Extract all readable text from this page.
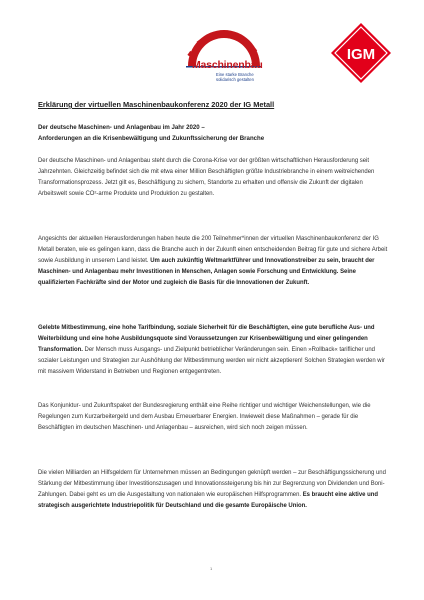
Maschinenbau
Eine starke Branche
solidarisch gestalten
IGM
Erklärung der virtuellen Maschinenbaukonferenz 2020 der IG Metall
Der deutsche Maschinen- und Anlagenbau im Jahr 2020 –
Anforderungen an die Krisenbewältigung und Zukunftssicherung der Branche
Der deutsche Maschinen- und Anlagenbau steht durch die Corona-Krise vor der größten wirtschaftlichen Herausforderung seit Jahrzehnten. Gleichzeitig befindet sich die mit etwa einer Million Beschäftigten größte Industriebranche in einem weitreichenden Transformationsprozess. Jetzt gilt es, Beschäftigung zu sichern, Standorte zu erhalten und offensiv die Zukunft der digitalen Arbeitswelt sowie CO²-arme Produkte und Produktion zu gestalten.
Angesichts der aktuellen Herausforderungen haben heute die 200 Teilnehmer*innen der virtuellen Maschinenbaukonferenz der IG Metall beraten, wie es gelingen kann, dass die Branche auch in der Zukunft einen entscheidenden Beitrag für gute und sichere Arbeit sowie Ausbildung in unserem Land leistet. Um auch zukünftig Weltmarktführer und Innovationstreiber zu sein, braucht der Maschinen- und Anlagenbau mehr Investitionen in Menschen, Anlagen sowie Forschung und Entwicklung. Seine qualifizierten Fachkräfte sind der Motor und zugleich die Basis für die Innovationen der Zukunft.
Gelebte Mitbestimmung, eine hohe Tarifbindung, soziale Sicherheit für die Beschäftigten, eine gute berufliche Aus- und Weiterbildung und eine hohe Ausbildungsquote sind Voraussetzungen zur Krisenbewältigung und einer gelingenden Transformation. Der Mensch muss Ausgangs- und Zielpunkt betrieblicher Veränderungen sein. Einen »Rollback« tariflicher und sozialer Leistungen und Strategien zur Aushöhlung der Mitbestimmung werden wir nicht akzeptieren! Solchen Strategien werden wir mit massivem Widerstand in Betrieben und Regionen entgegentreten.
Das Konjunktur- und Zukunftspaket der Bundesregierung enthält eine Reihe richtiger und wichtiger Weichenstellungen, wie die Regelungen zum Kurzarbeitergeld und dem Ausbau Erneuerbarer Energien. Inwieweit diese Maßnahmen – gerade für die Beschäftigten im deutschen Maschinen- und Anlagenbau – ausreichen, wird sich noch zeigen müssen.
Die vielen Milliarden an Hilfsgeldern für Unternehmen müssen an Bedingungen geknüpft werden – zur Beschäftigungssicherung und Stärkung der Mitbestimmung über Investitionszusagen und Innovationssteigerung bis hin zur Begrenzung von Dividenden und Boni-Zahlungen. Dabei geht es um die Ausgestaltung von nationalen wie europäischen Hilfsprogrammen. Es braucht eine aktive und strategisch ausgerichtete Industriepolitik für Deutschland und die gesamte Europäische Union.
1
